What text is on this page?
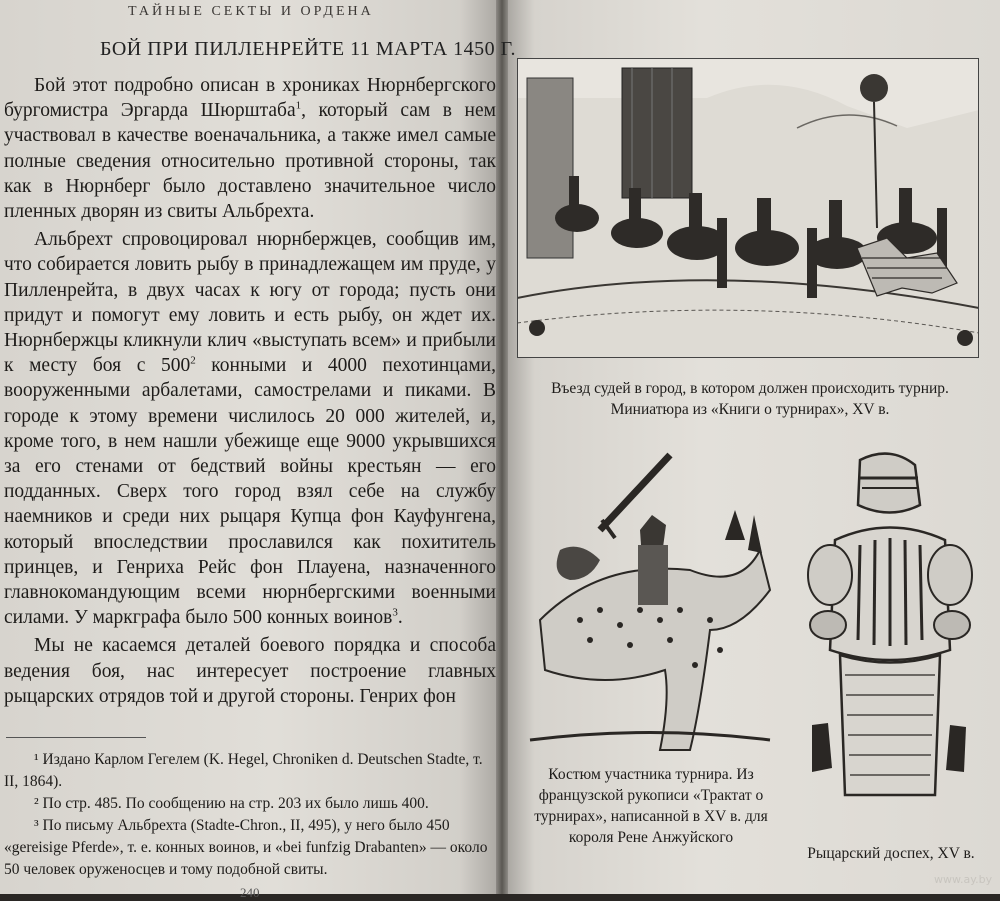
ТАЙНЫЕ СЕКТЫ И ОРДЕНА
БОЙ ПРИ ПИЛЛЕНРЕЙТЕ 11 МАРТА 1450 Г.

Бой этот подробно описан в хрониках Нюрнбергского бургомистра Эргарда Шюрштаба$^1$, который сам в нем участвовал в качестве военачальника, а также имел самые полные сведения относительно противной стороны, так как в Нюрнберг было доставлено значительное число пленных дворян из свиты Альбрехта.

Альбрехт спровоцировал нюрнбержцев, сообщив им, что собирается ловить рыбу в принадлежащем им пруде, у Пилленрейта, в двух часах к югу от города; пусть они придут и помогут ему ловить и есть рыбу, он ждет их. Нюрнбержцы кликнули клич «выступать всем» и прибыли к месту боя с $500^2$ конными и 4000 пехотинцами, вооруженными арбалетами, самострелами и пиками. В городе к этому времени числилось 20 000 жителей, и, кроме того, в нем нашли убежище еще 9000 укрывшихся за его стенами от бедствий войны крестьян — его подданных. Сверх того город взял себе на службу наемников и среди них рыцаря Купца фон Кауфунгена, который впоследствии прославился как похититель принцев, и Генриха Рейс фон Плауена, назначенного главнокомандующим всеми нюрнбергскими военными силами. У маркграфа было 500 конных воинов$^3$.

Мы не касаемся деталей боевого порядка и способа ведения боя, нас интересует построение главных рыцарских отрядов той и другой стороны. Генрих фон

¹ Издано Карлом Гегелем (K. Hegel, Chroniken d. Deutschen Stadte, т. II, 1864).

² По стр. 485. По сообщению на стр. 203 их было лишь 400.

³ По письму Альбрехта (Stadte-Chron., II, 495), у него было 450 «gereisige Pferde», т. е. конных воинов, и «bei funfzig Drabanten» — около 50 человек оруженосцев и тому подобной свиты.

240
Въезд судей в город, в котором должен происходить турнир.
Миниатюра из «Книги о турнирах», XV в.
Костюм участника турнира. Из
французской рукописи «Трактат о
турнирах», написанной в XV в. для
короля Рене Анжуйского
Рыцарский доспех, XV в.
www.ay.by
